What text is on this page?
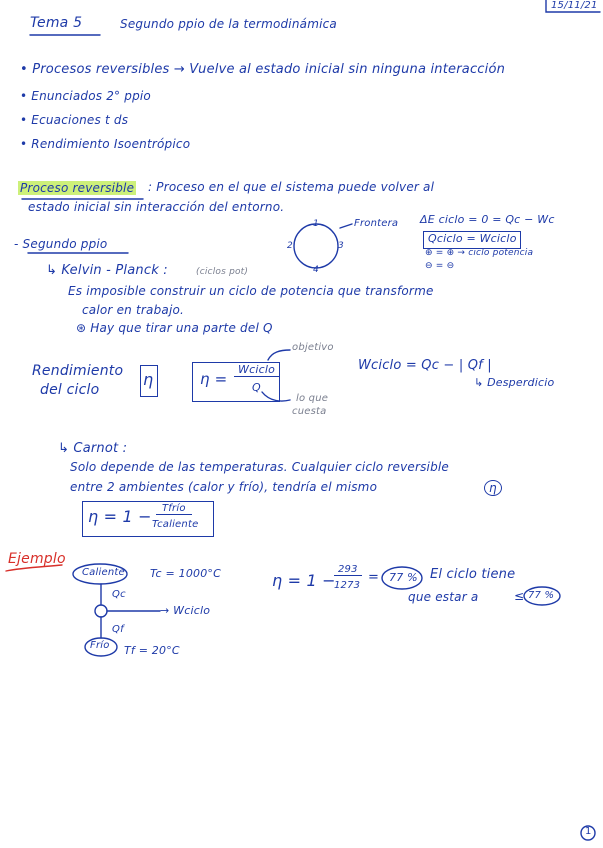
Tema 5	Segundo ppio de la termodinámica
15/11/21
• Procesos reversibles → Vuelve al estado inicial sin ninguna interacción
• Enunciados 2° ppio
• Ecuaciones t ds
• Rendimiento Isoentrópico
Proceso reversible : Proceso en el que el sistema puede volver al
estado inicial sin interacción del entorno.
1
2	3
4
Frontera ΔE ciclo = 0 = Qc − Wc
Qciclo = Wciclo
⊕ = ⊕ → ciclo potencia
⊖ = ⊖
- Segundo ppio
↳ Kelvin - Planck :	(ciclos pot)
Es imposible construir un ciclo de potencia que transforme
calor en trabajo.
⊛ Hay que tirar una parte del Q
Rendimiento
del ciclo
η	η =
Wciclo
Q
objetivo
lo que
cuesta
Wciclo = Qc − | Qf |
↳ Desperdicio
↳ Carnot :
Solo depende de las temperaturas. Cualquier ciclo reversible
entre 2 ambientes (calor y frío), tendría el mismo	η
η = 1 −	Tfrío
Tcaliente
Ejemplo
Caliente Tc = 1000°C
Qc
→ Wciclo
Qf
Frío Tf = 20°C
η = 1 −
293
1273
= 77 % El ciclo tiene
que estar a	≤ 77 %
1
